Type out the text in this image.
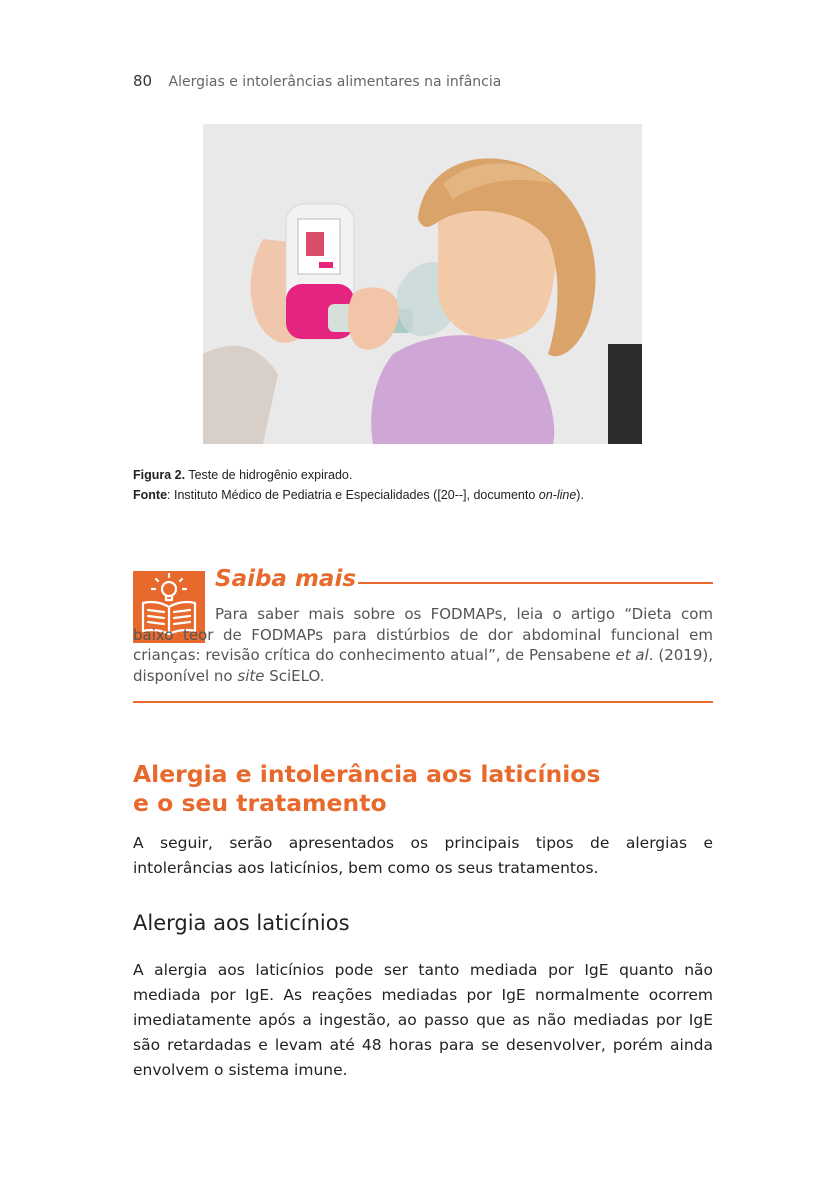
80 Alergias e intolerâncias alimentares na infância
Figura 2. Teste de hidrogênio expirado.
Fonte: Instituto Médico de Pediatria e Especialidades ([20--], documento on-line).
Saiba mais
Para saber mais sobre os FODMAPs, leia o artigo “Dieta com baixo teor de FODMAPs para distúrbios de dor abdominal funcional em crianças: revisão crítica do conhecimento atual”, de Pensabene et al. (2019), disponível no site SciELO.
Alergia e intolerância aos laticínios
e o seu tratamento
A seguir, serão apresentados os principais tipos de alergias e intolerâncias aos laticínios, bem como os seus tratamentos.
Alergia aos laticínios
A alergia aos laticínios pode ser tanto mediada por IgE quanto não mediada por IgE. As reações mediadas por IgE normalmente ocorrem imediatamente após a ingestão, ao passo que as não mediadas por IgE são retardadas e levam até 48 horas para se desenvolver, porém ainda envolvem o sistema imune.
